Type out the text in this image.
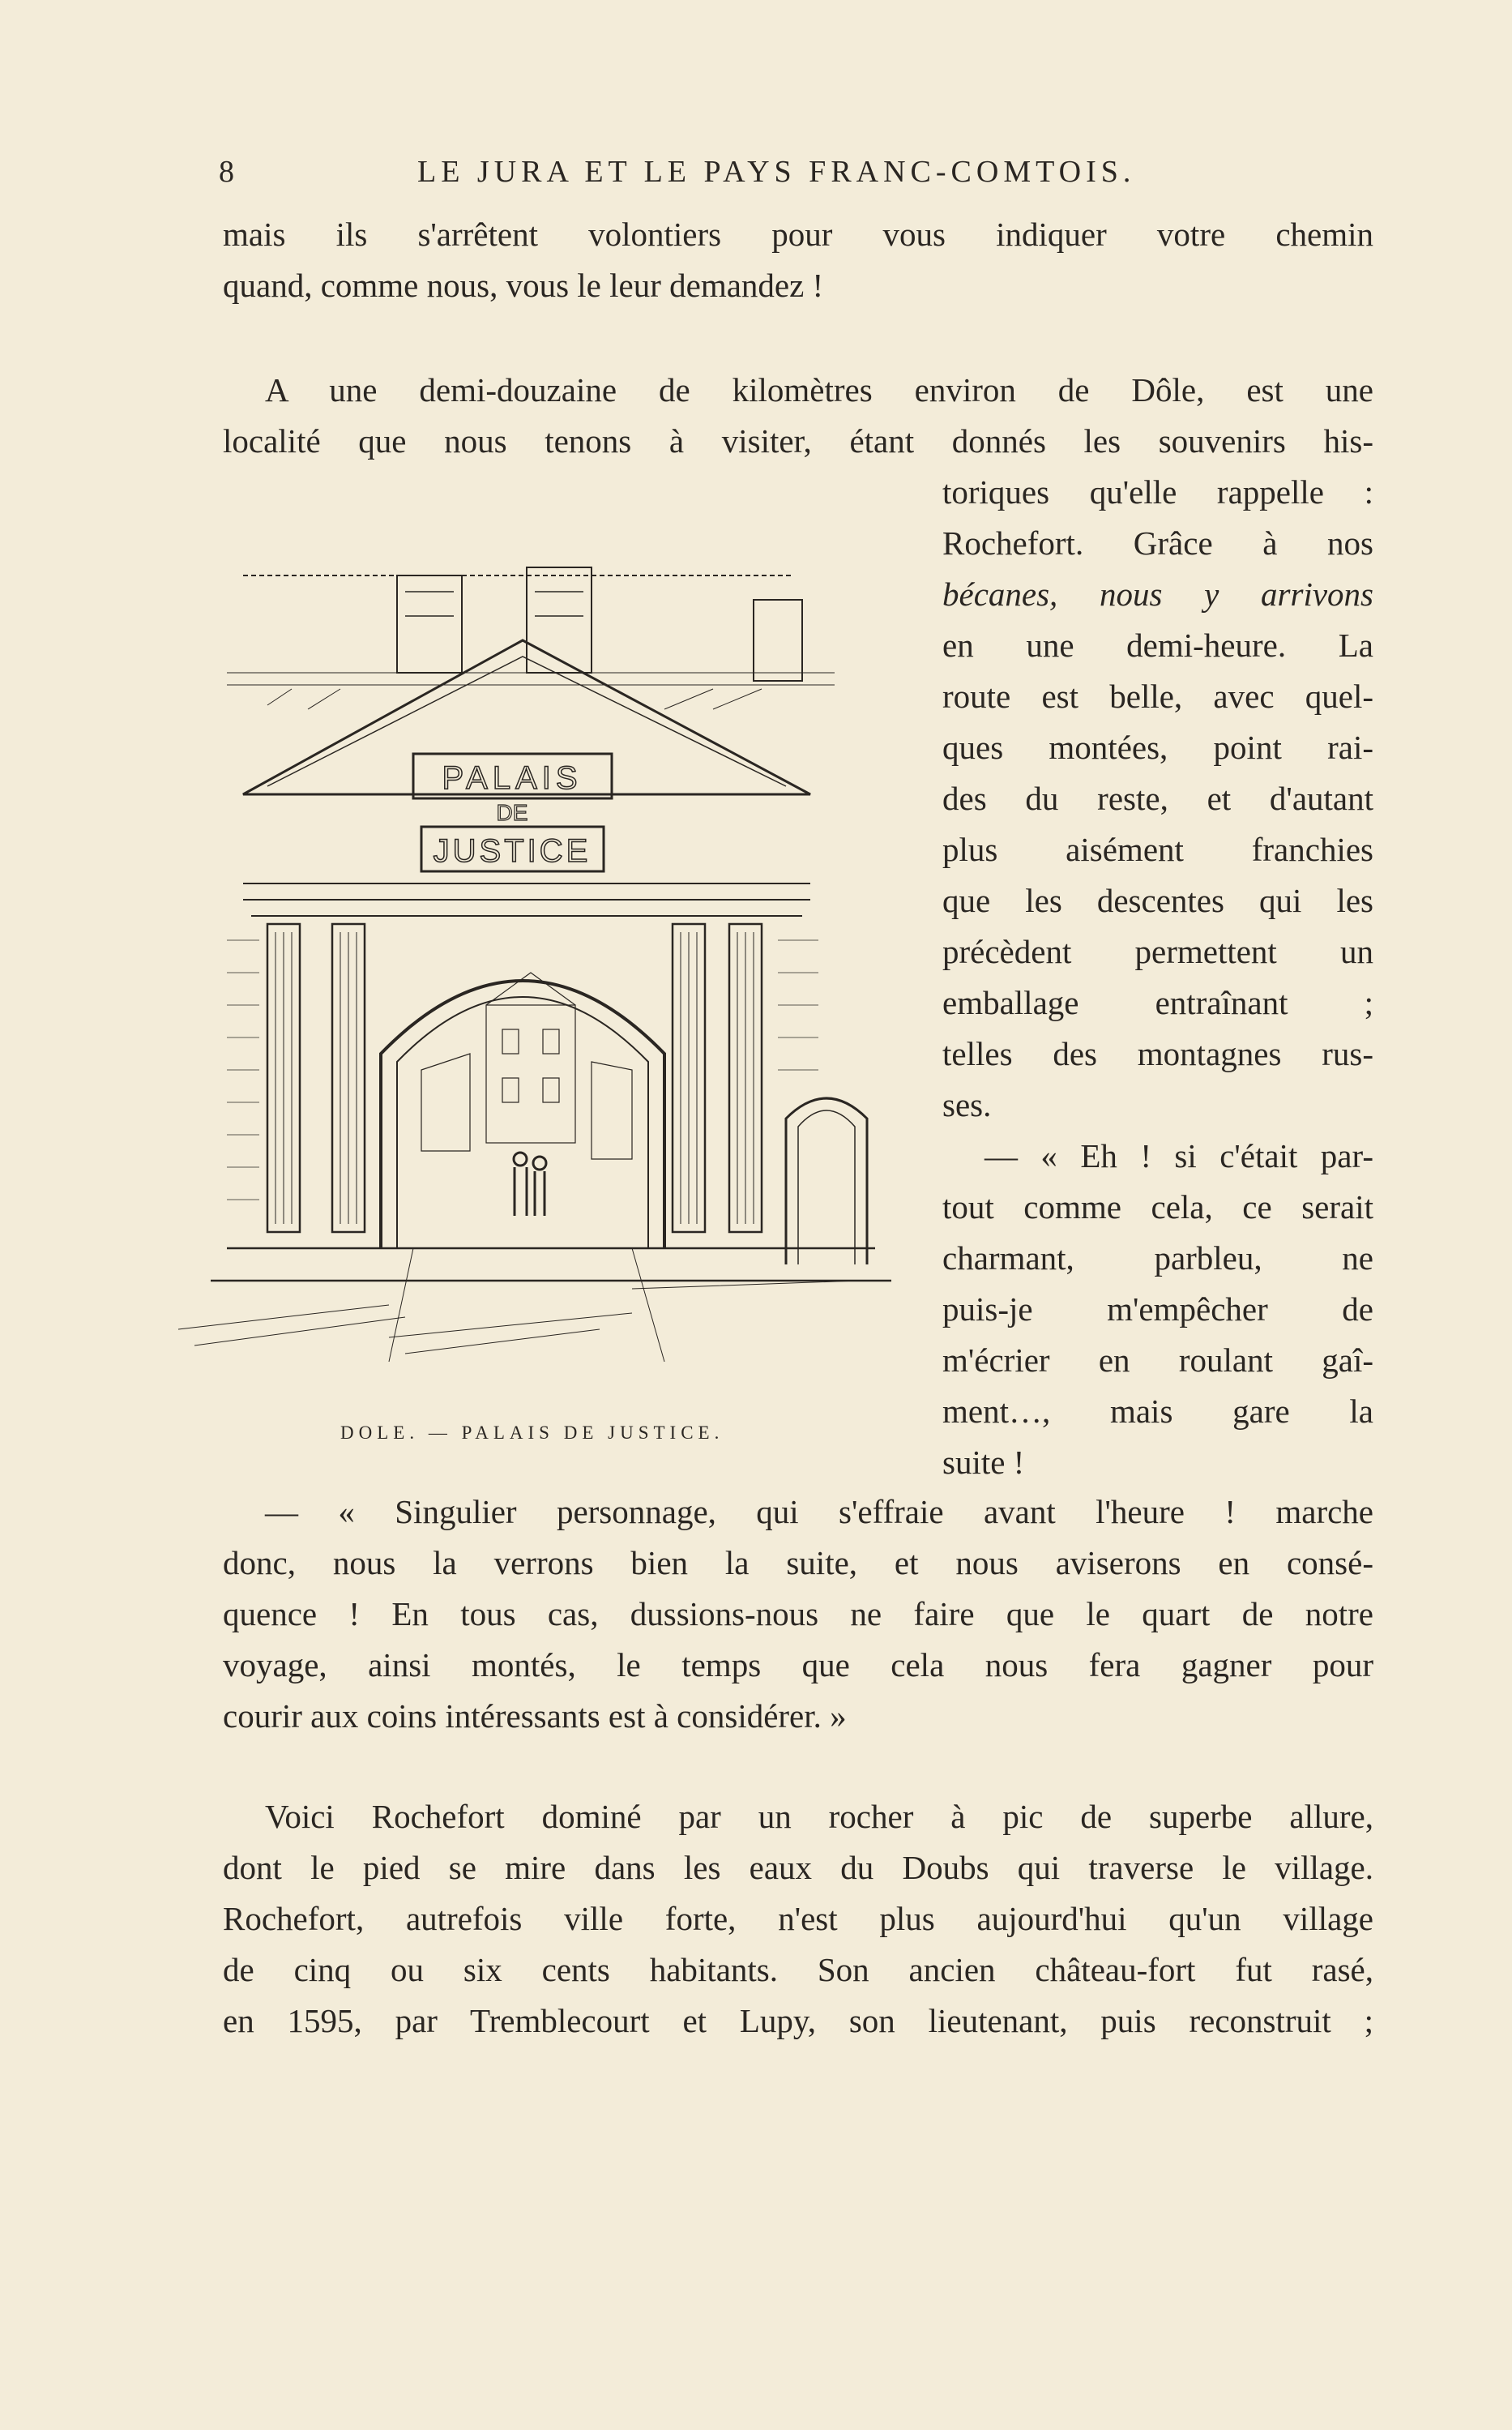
8	LE JURA ET LE PAYS FRANC-COMTOIS.
mais ils s'arrêtent volontiers pour vous indiquer votre chemin
quand, comme nous, vous le leur demandez !
A une demi-douzaine de kilomètres environ de Dôle, est une
localité que nous tenons à visiter, étant donnés les souvenirs his-
toriques qu'elle rappelle :
Rochefort. Grâce à nos
bécanes, nous y arrivons
en une demi-heure. La
route est belle, avec quel-
ques montées, point rai-
des du reste, et d'autant
plus aisément franchies
que les descentes qui les
précèdent permettent un
emballage entraînant ;
telles des montagnes rus-
ses.
— « Eh ! si c'était par-
tout comme cela, ce serait
charmant, parbleu, ne
puis-je m'empêcher de
m'écrier en roulant gaî-
ment…, mais gare la
suite !
PALAIS
DE
JUSTICE
DOLE. — PALAIS DE JUSTICE.
— « Singulier personnage, qui s'effraie avant l'heure ! marche
donc, nous la verrons bien la suite, et nous aviserons en consé-
quence ! En tous cas, dussions-nous ne faire que le quart de notre
voyage, ainsi montés, le temps que cela nous fera gagner pour
courir aux coins intéressants est à considérer. »
Voici Rochefort dominé par un rocher à pic de superbe allure,
dont le pied se mire dans les eaux du Doubs qui traverse le village.
Rochefort, autrefois ville forte, n'est plus aujourd'hui qu'un village
de cinq ou six cents habitants. Son ancien château-fort fut rasé,
en 1595, par Tremblecourt et Lupy, son lieutenant, puis reconstruit ;
